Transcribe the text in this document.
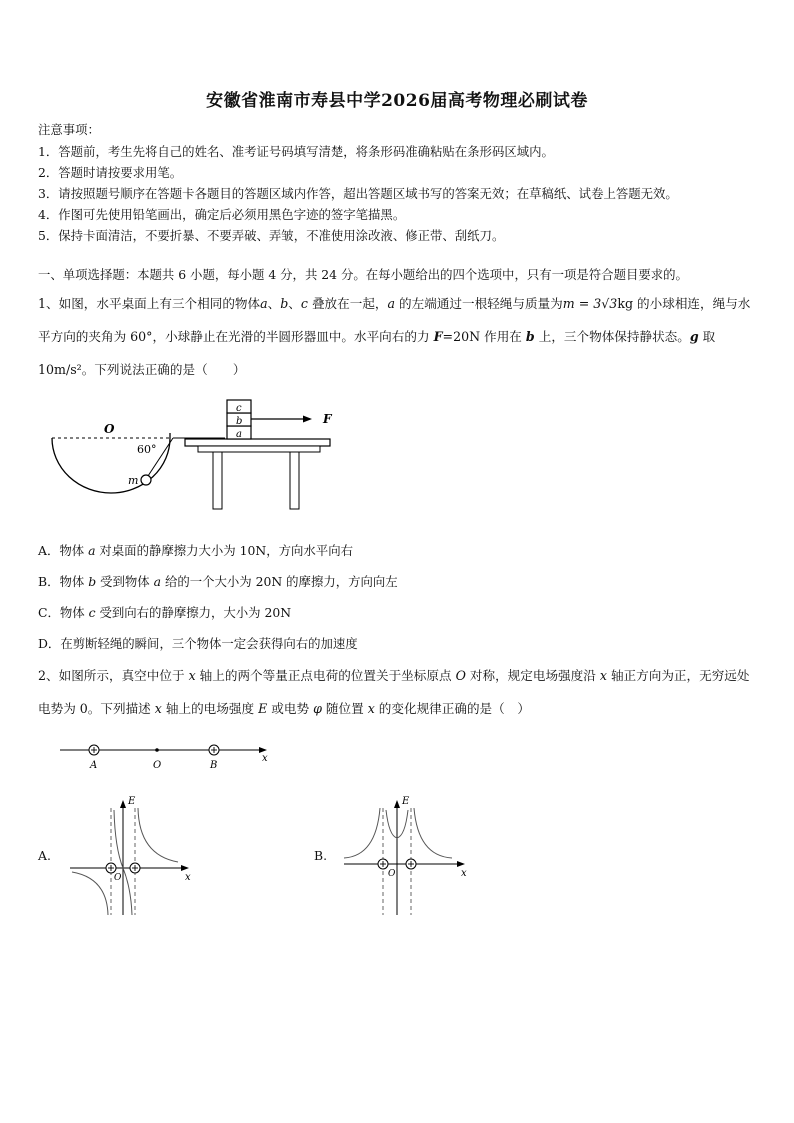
安徽省淮南市寿县中学2026届高考物理必刷试卷
注意事项：
1．答题前，考生先将自己的姓名、准考证号码填写清楚，将条形码准确粘贴在条形码区域内。
2．答题时请按要求用笔。
3．请按照题号顺序在答题卡各题目的答题区域内作答，超出答题区域书写的答案无效；在草稿纸、试卷上答题无效。
4．作图可先使用铅笔画出，确定后必须用黑色字迹的签字笔描黑。
5．保持卡面清洁，不要折暴、不要弄破、弄皱，不准使用涂改液、修正带、刮纸刀。
一、单项选择题：本题共 6 小题，每小题 4 分，共 24 分。在每小题给出的四个选项中，只有一项是符合题目要求的。
1、如图，水平桌面上有三个相同的物体a、b、c 叠放在一起，a 的左端通过一根轻绳与质量为m = 3√3kg 的小球相连，绳与水平方向的夹角为 60°，小球静止在光滑的半圆形器皿中。水平向右的力 F=20N 作用在 b 上，三个物体保持静状态。g 取 10m/s²。下列说法正确的是（　　）
O
60°
m
a
b
c
F
A．物体 a 对桌面的静摩擦力大小为 10N，方向水平向右
B．物体 b 受到物体 a 给的一个大小为 20N 的摩擦力，方向向左
C．物体 c 受到向右的静摩擦力，大小为 20N
D．在剪断轻绳的瞬间，三个物体一定会获得向右的加速度
2、如图所示，真空中位于 x 轴上的两个等量正点电荷的位置关于坐标原点 O 对称，规定电场强度沿 x 轴正方向为正，无穷远处电势为 0。下列描述 x 轴上的电场强度 E 或电势 φ 随位置 x 的变化规律正确的是（　）
A	O	B
x
A.	B.
E
O	x
E
O	x
